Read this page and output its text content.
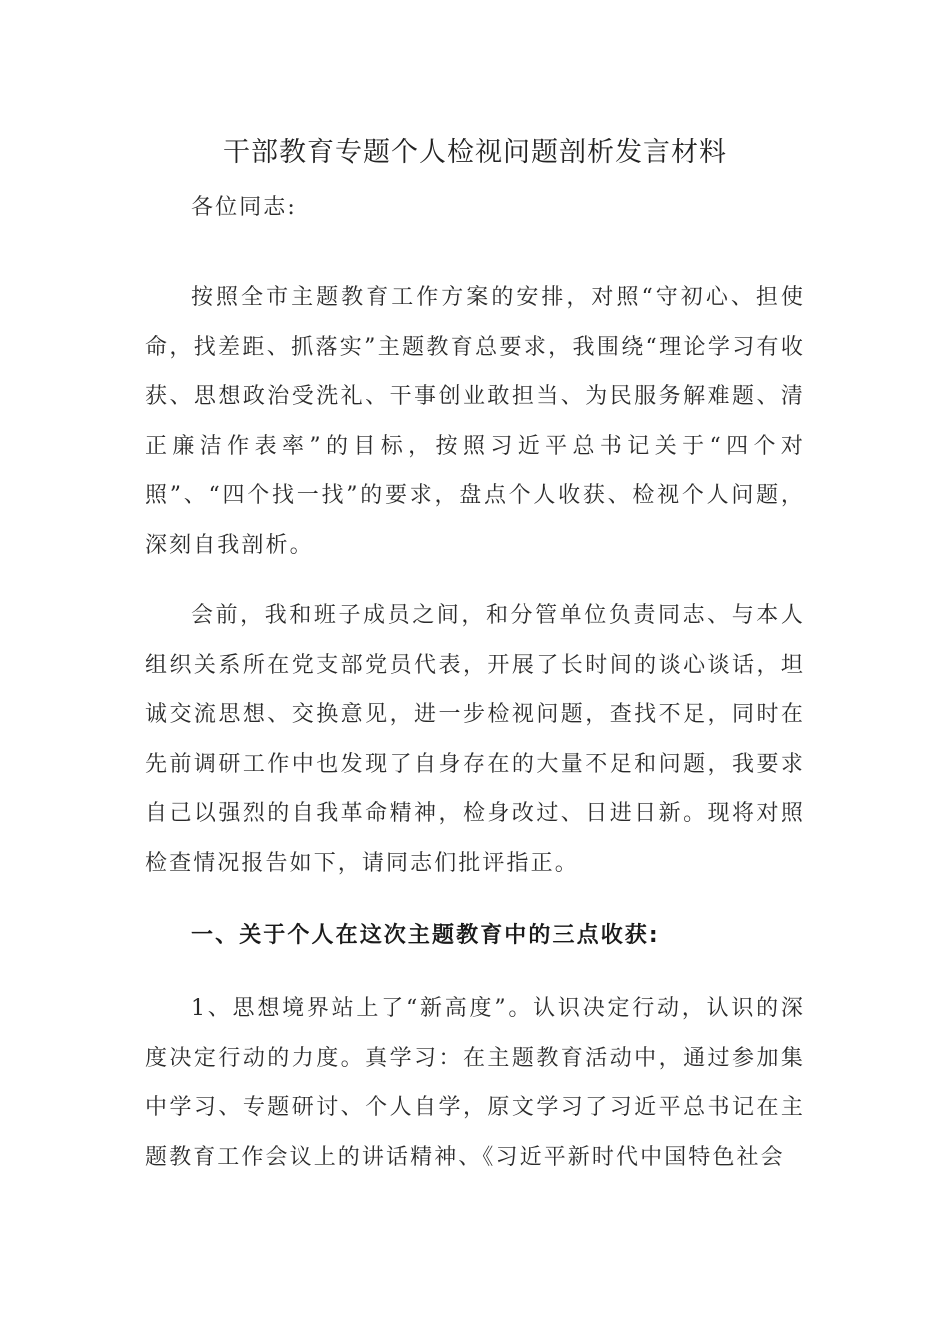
干部教育专题个人检视问题剖析发言材料

各位同志:

按照全市主题教育工作方案的安排，对照“守初心、担使命，找差距、抓落实”主题教育总要求，我围绕“理论学习有收获、思想政治受洗礼、干事创业敢担当、为民服务解难题、清正廉洁作表率”的目标，按照习近平总书记关于“四个对照”、“四个找一找”的要求，盘点个人收获、检视个人问题，深刻自我剖析。

会前，我和班子成员之间，和分管单位负责同志、与本人组织关系所在党支部党员代表，开展了长时间的谈心谈话，坦诚交流思想、交换意见，进一步检视问题，查找不足，同时在先前调研工作中也发现了自身存在的大量不足和问题，我要求自己以强烈的自我革命精神，检身改过、日进日新。现将对照检查情况报告如下，请同志们批评指正。

一、关于个人在这次主题教育中的三点收获:

1、思想境界站上了“新高度”。认识决定行动，认识的深度决定行动的力度。真学习：在主题教育活动中，通过参加集中学习、专题研讨、个人自学，原文学习了习近平总书记在主题教育工作会议上的讲话精神、《习近平新时代中国特色社会
